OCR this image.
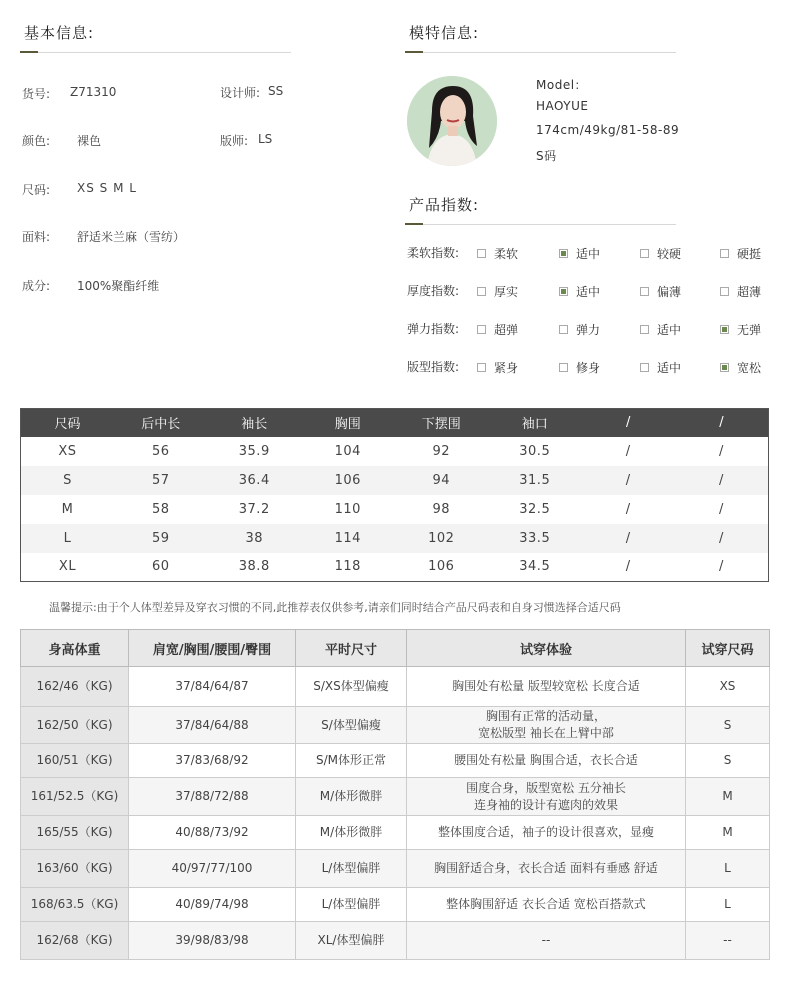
基本信息:
货号: Z71310	设计师: SS
颜色: 裸色	版师: LS
尺码: XS S M L
面料: 舒适米兰麻（雪纺）
成分: 100%聚酯纤维
模特信息:
Model：
HAOYUE
174cm/49kg/81-58-89
S码
产品指数:
柔软指数:	柔软	适中	较硬	硬挺
厚度指数:	厚实	适中	偏薄	超薄
弹力指数:	超弹	弹力	适中	无弹
版型指数:	紧身	修身	适中	宽松
尺码	后中长	袖长	胸围	下摆围	袖口	/	/
XS	56	35.9	104	92	30.5	/	/
S	57	36.4	106	94	31.5	/	/
M	58	37.2	110	98	32.5	/	/
L	59	38	114	102	33.5	/	/
XL	60	38.8	118	106	34.5	/	/
温馨提示:由于个人体型差异及穿衣习惯的不同,此推荐表仅供参考,请亲们同时结合产品尺码表和自身习惯选择合适尺码
身高体重	肩宽/胸围/腰围/臀围	平时尺寸	试穿体验	试穿尺码
162/46（KG)	37/84/64/87	S/XS体型偏瘦	胸围处有松量 版型较宽松 长度合适	XS
162/50（KG)	37/84/64/88	S/体型偏瘦	胸围有正常的活动量，
宽松版型 袖长在上臂中部	S
160/51（KG)	37/83/68/92	S/M体形正常	腰围处有松量 胸围合适，衣长合适	S
161/52.5（KG)	37/88/72/88	M/体形微胖	围度合身，版型宽松 五分袖长
连身袖的设计有遮肉的效果	M
165/55（KG)	40/88/73/92	M/体形微胖	整体围度合适，袖子的设计很喜欢，显瘦	M
163/60（KG)	40/97/77/100	L/体型偏胖	胸围舒适合身，衣长合适 面料有垂感 舒适	L
168/63.5（KG)	40/89/74/98	L/体型偏胖	整体胸围舒适 衣长合适 宽松百搭款式	L
162/68（KG)	39/98/83/98	XL/体型偏胖	--	--
